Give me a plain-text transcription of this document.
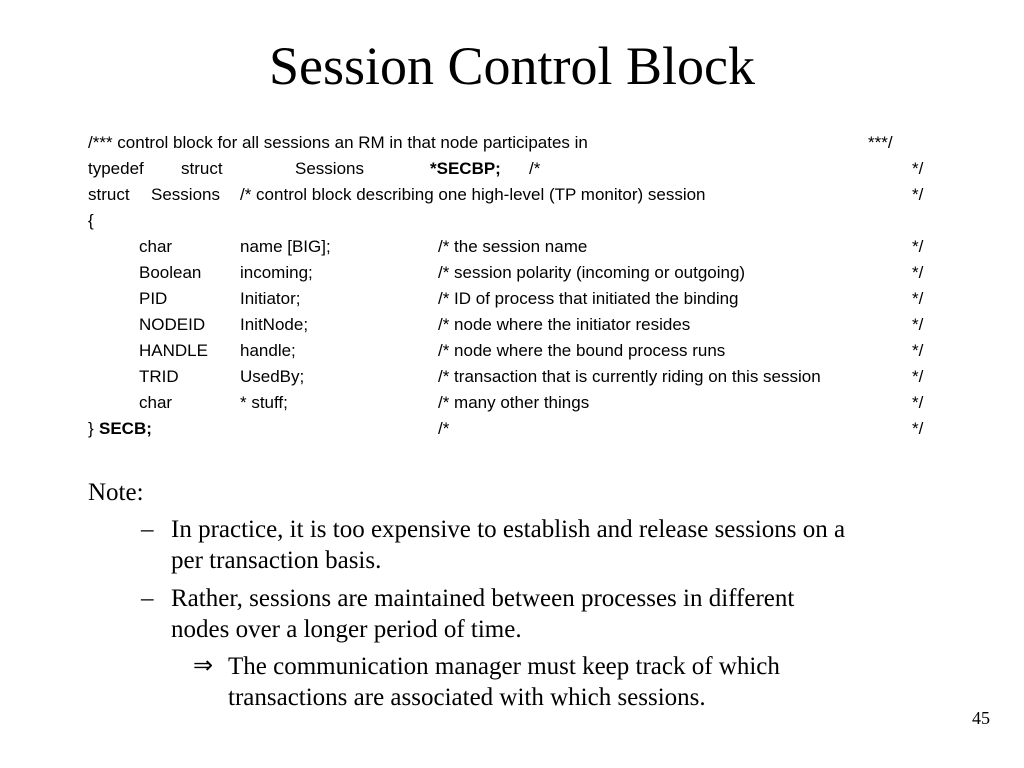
Session Control Block
/*** control block for all sessions an RM in that node participates in	***/
typedef struct	Sessions	*SECBP; /*	*/
struct Sessions /* control block describing one high-level (TP monitor) session	*/
{
char	name [BIG];	/* the session name	*/
Boolean incoming;	/* session polarity (incoming or outgoing)	*/
PID	Initiator;	/* ID of process that initiated the binding	*/
NODEID InitNode;	/* node where the initiator resides	*/
HANDLE handle;	/* node where the bound process runs	*/
TRID	UsedBy;	/* transaction that is currently riding on this session	*/
char	* stuff;	/* many other things	*/
} SECB;	/*	*/
Note:
– In practice, it is too expensive to establish and release sessions on a
per transaction basis.
– Rather, sessions are maintained between processes in different
nodes over a longer period of time.
⇒ The communication manager must keep track of which
transactions are associated with which sessions.
45
